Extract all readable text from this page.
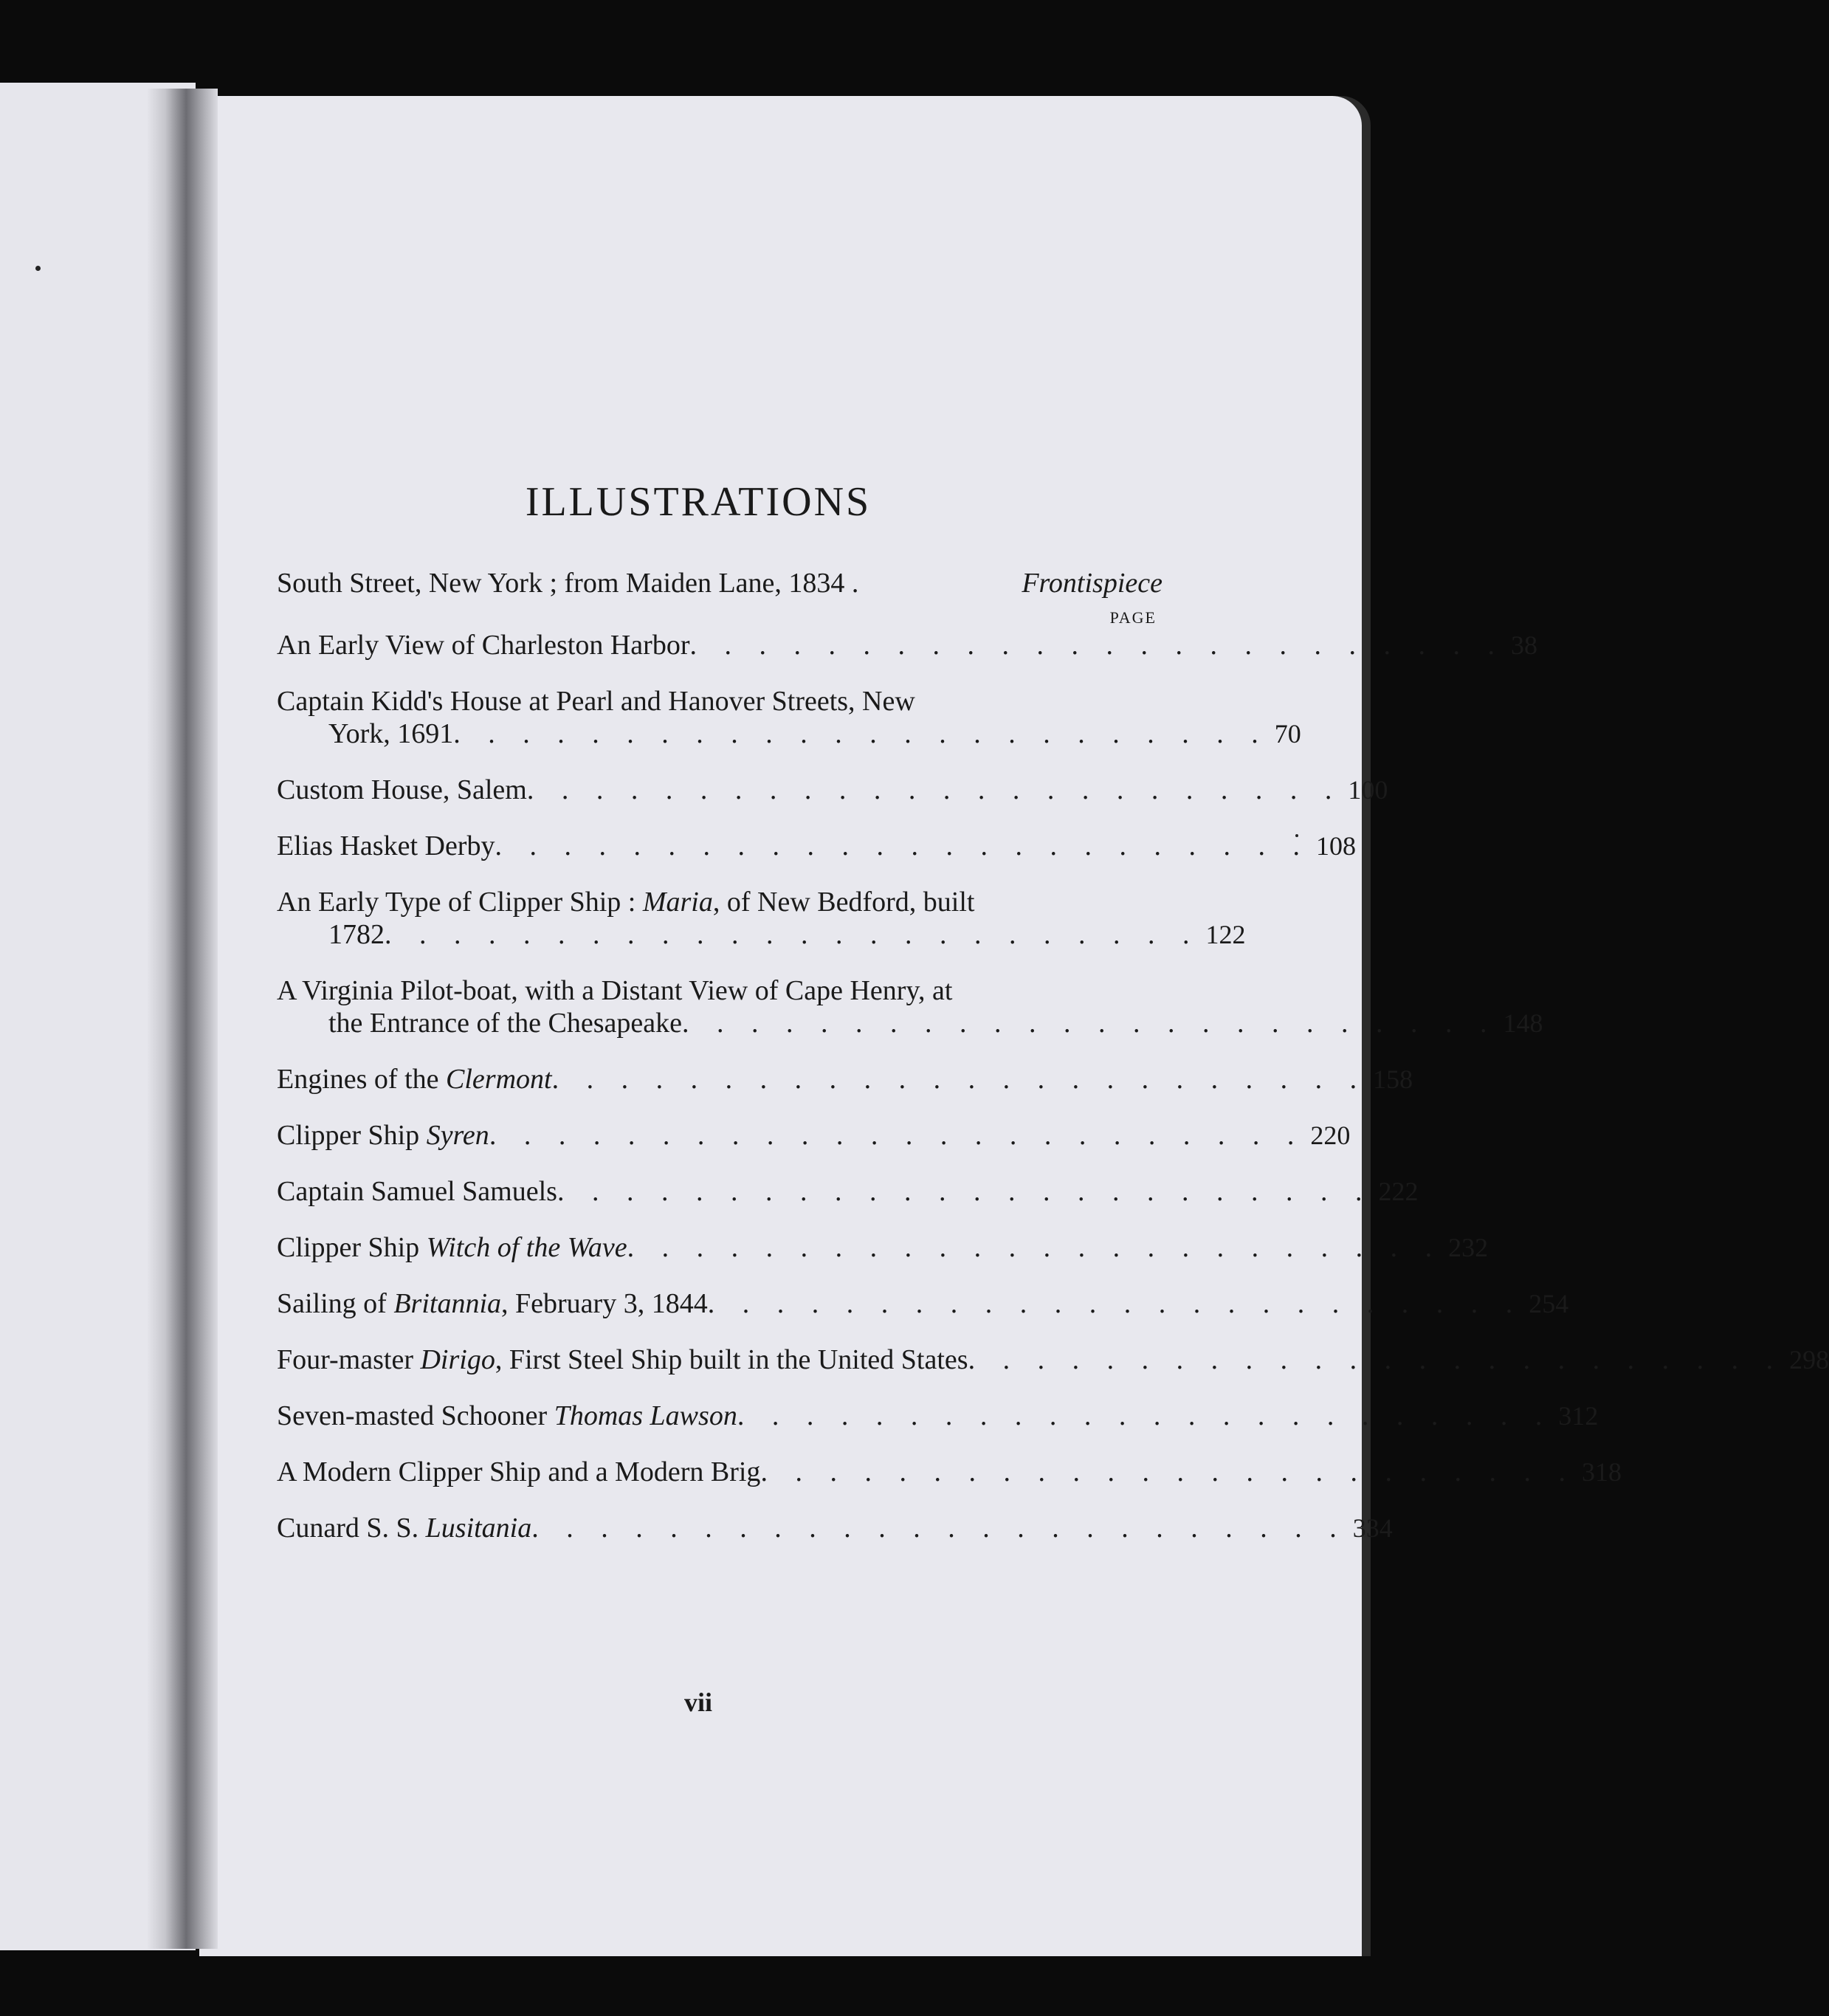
ILLUSTRATIONS
South Street, New York ; from Maiden Lane, 1834 .	Frontispiece
PAGE
An Early View of Charleston Harbor . . . . . . . . . . . . . . . . . . . . . . . . 38
Captain Kidd's House at Pearl and Hanover Streets, New
York, 1691 . . . . . . . . . . . . . . . . . . . . . . . . 70
Custom House, Salem . . . . . . . . . . . . . . . . . . . . . . . . 100
Elias Hasket Derby . . . . . . . . . . . . . . . . . . . . . . . . 108
An Early Type of Clipper Ship : Maria, of New Bedford, built
1782 . . . . . . . . . . . . . . . . . . . . . . . . 122
A Virginia Pilot-boat, with a Distant View of Cape Henry, at
the Entrance of the Chesapeake . . . . . . . . . . . . . . . . . . . . . . . . 148
Engines of the Clermont . . . . . . . . . . . . . . . . . . . . . . . . 158
Clipper Ship Syren . . . . . . . . . . . . . . . . . . . . . . . . 220
Captain Samuel Samuels . . . . . . . . . . . . . . . . . . . . . . . . 222
Clipper Ship Witch of the Wave . . . . . . . . . . . . . . . . . . . . . . . . 232
Sailing of Britannia, February 3, 1844 . . . . . . . . . . . . . . . . . . . . . . . . 254
Four-master Dirigo, First Steel Ship built in the United States . . . . . . . . . . . . . . . . . . . . . . . . 298
Seven-masted Schooner Thomas Lawson . . . . . . . . . . . . . . . . . . . . . . . . 312
A Modern Clipper Ship and a Modern Brig . . . . . . . . . . . . . . . . . . . . . . . . 318
Cunard S. S. Lusitania . . . . . . . . . . . . . . . . . . . . . . . . 334
vii
